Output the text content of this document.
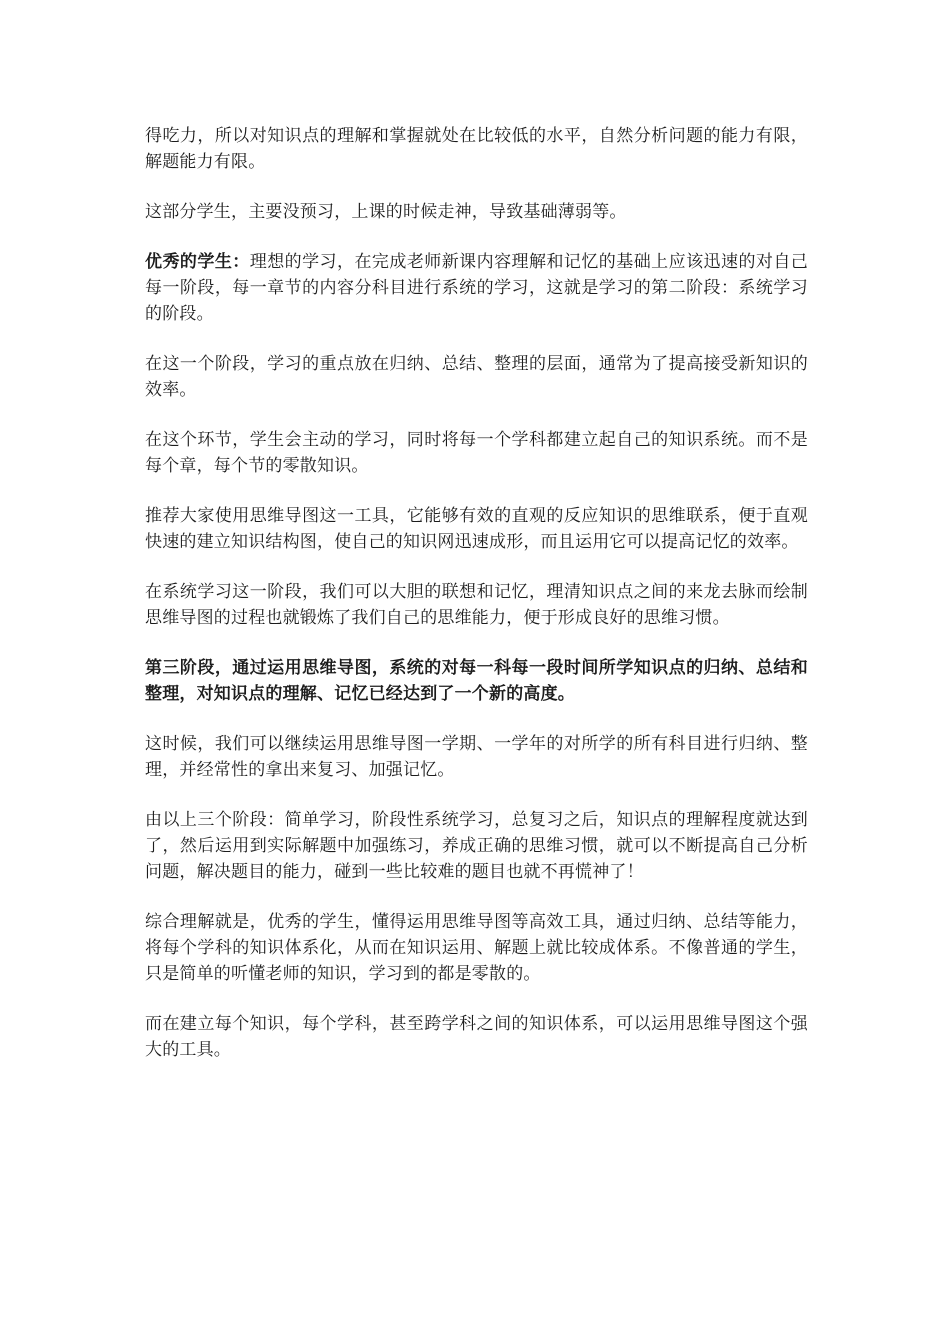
得吃力，所以对知识点的理解和掌握就处在比较低的水平，自然分析问题的能力有限，解题能力有限。

这部分学生，主要没预习，上课的时候走神，导致基础薄弱等。

优秀的学生：理想的学习，在完成老师新课内容理解和记忆的基础上应该迅速的对自己每一阶段，每一章节的内容分科目进行系统的学习，这就是学习的第二阶段：系统学习的阶段。

在这一个阶段，学习的重点放在归纳、总结、整理的层面，通常为了提高接受新知识的效率。

在这个环节，学生会主动的学习，同时将每一个学科都建立起自己的知识系统。而不是每个章，每个节的零散知识。

推荐大家使用思维导图这一工具，它能够有效的直观的反应知识的思维联系，便于直观快速的建立知识结构图，使自己的知识网迅速成形，而且运用它可以提高记忆的效率。

在系统学习这一阶段，我们可以大胆的联想和记忆，理清知识点之间的来龙去脉而绘制思维导图的过程也就锻炼了我们自己的思维能力，便于形成良好的思维习惯。

第三阶段，通过运用思维导图，系统的对每一科每一段时间所学知识点的归纳、总结和整理，对知识点的理解、记忆已经达到了一个新的高度。

这时候，我们可以继续运用思维导图一学期、一学年的对所学的所有科目进行归纳、整理，并经常性的拿出来复习、加强记忆。

由以上三个阶段：简单学习，阶段性系统学习，总复习之后，知识点的理解程度就达到了，然后运用到实际解题中加强练习，养成正确的思维习惯，就可以不断提高自己分析问题，解决题目的能力，碰到一些比较难的题目也就不再慌神了！

综合理解就是，优秀的学生，懂得运用思维导图等高效工具，通过归纳、总结等能力，将每个学科的知识体系化，从而在知识运用、解题上就比较成体系。不像普通的学生，只是简单的听懂老师的知识，学习到的都是零散的。

而在建立每个知识，每个学科，甚至跨学科之间的知识体系，可以运用思维导图这个强大的工具。
